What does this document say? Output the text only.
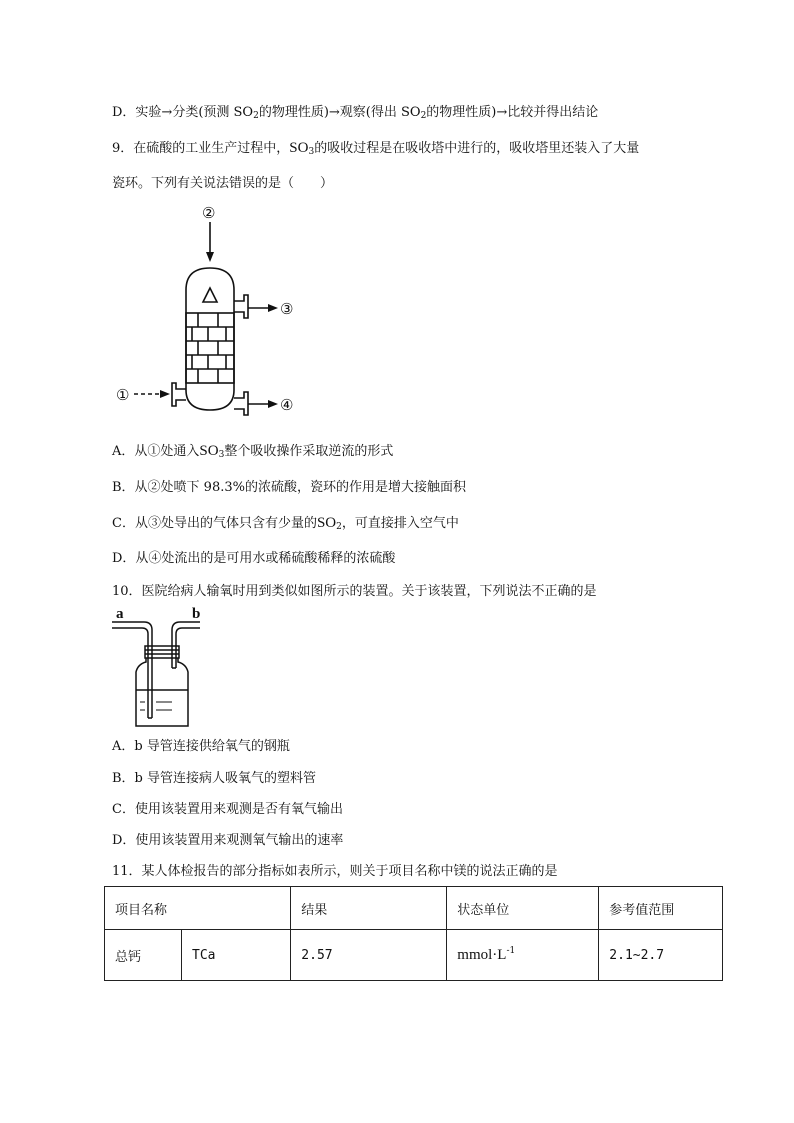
D．实验→分类(预测 $SO_2$的物理性质)→观察(得出 $SO_2$的物理性质)→比较并得出结论
9．在硫酸的工业生产过程中，$SO_3$的吸收过程是在吸收塔中进行的，吸收塔里还装入了大量
瓷环。下列有关说法错误的是（　　）
②
③
④
①
A．从①处通入$SO_3$整个吸收操作采取逆流的形式
B．从②处喷下 98.3%的浓硫酸，瓷环的作用是增大接触面积
C．从③处导出的气体只含有少量的$SO_2$，可直接排入空气中
D．从④处流出的是可用水或稀硫酸稀释的浓硫酸
10．医院给病人输氧时用到类似如图所示的装置。关于该装置，下列说法不正确的是
a	b
A．b 导管连接供给氧气的钢瓶
B．b 导管连接病人吸氧气的塑料管
C．使用该装置用来观测是否有氧气输出
D．使用该装置用来观测氧气输出的速率
11．某人体检报告的部分指标如表所示，则关于项目名称中镁的说法正确的是
项目名称		结果	状态单位	参考值范围
总钙	TCa	2.57	$mmol\cdot L^{-1}$	2.1~2.7
